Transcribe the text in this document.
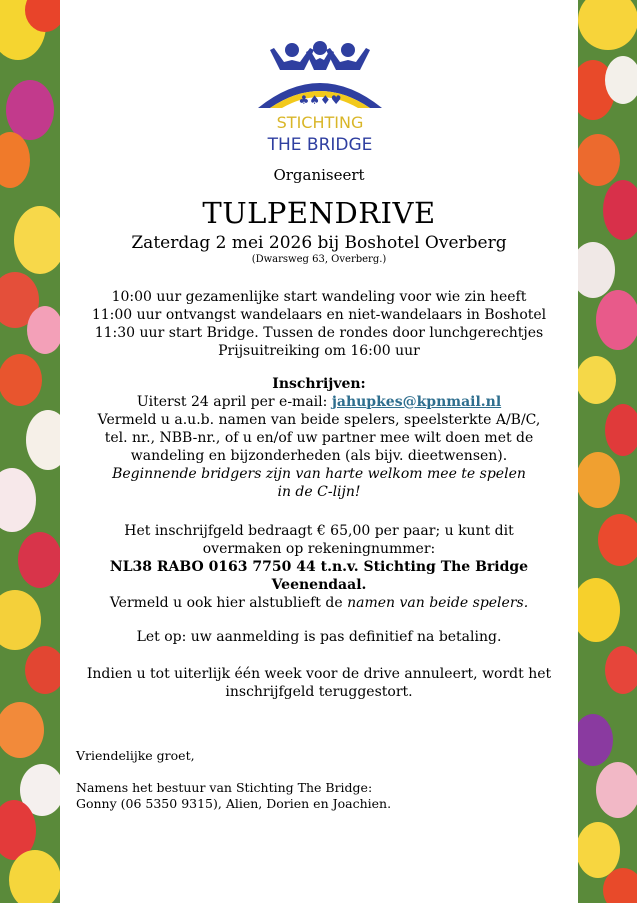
♣♠♦♥
STICHTING
THE BRIDGE
Organiseert
TULPENDRIVE
Zaterdag 2 mei 2026 bij Boshotel Overberg
(Dwarsweg 63, Overberg.)
10:00 uur gezamenlijke start wandeling voor wie zin heeft
11:00 uur ontvangst wandelaars en niet-wandelaars in Boshotel
11:30 uur start Bridge. Tussen de rondes door lunchgerechtjes
Prijsuitreiking om 16:00 uur
Inschrijven:
Uiterst 24 april per e-mail: jahupkes@kpnmail.nl
Vermeld u a.u.b. namen van beide spelers, speelsterkte A/B/C,
tel. nr., NBB-nr., of u en/of uw partner mee wilt doen met de
wandeling en bijzonderheden (als bijv. dieetwensen).
Beginnende bridgers zijn van harte welkom mee te spelen
in de C-lijn!
Het inschrijfgeld bedraagt € 65,00 per paar; u kunt dit
overmaken op rekeningnummer:
NL38 RABO 0163 7750 44 t.n.v. Stichting The Bridge
Veenendaal.
Vermeld u ook hier alstublieft de namen van beide spelers.
Let op: uw aanmelding is pas definitief na betaling.
Indien u tot uiterlijk één week voor de drive annuleert, wordt het
inschrijfgeld teruggestort.
Vriendelijke groet,
Namens het bestuur van Stichting The Bridge:
Gonny (06 5350 9315), Alien, Dorien en Joachien.
